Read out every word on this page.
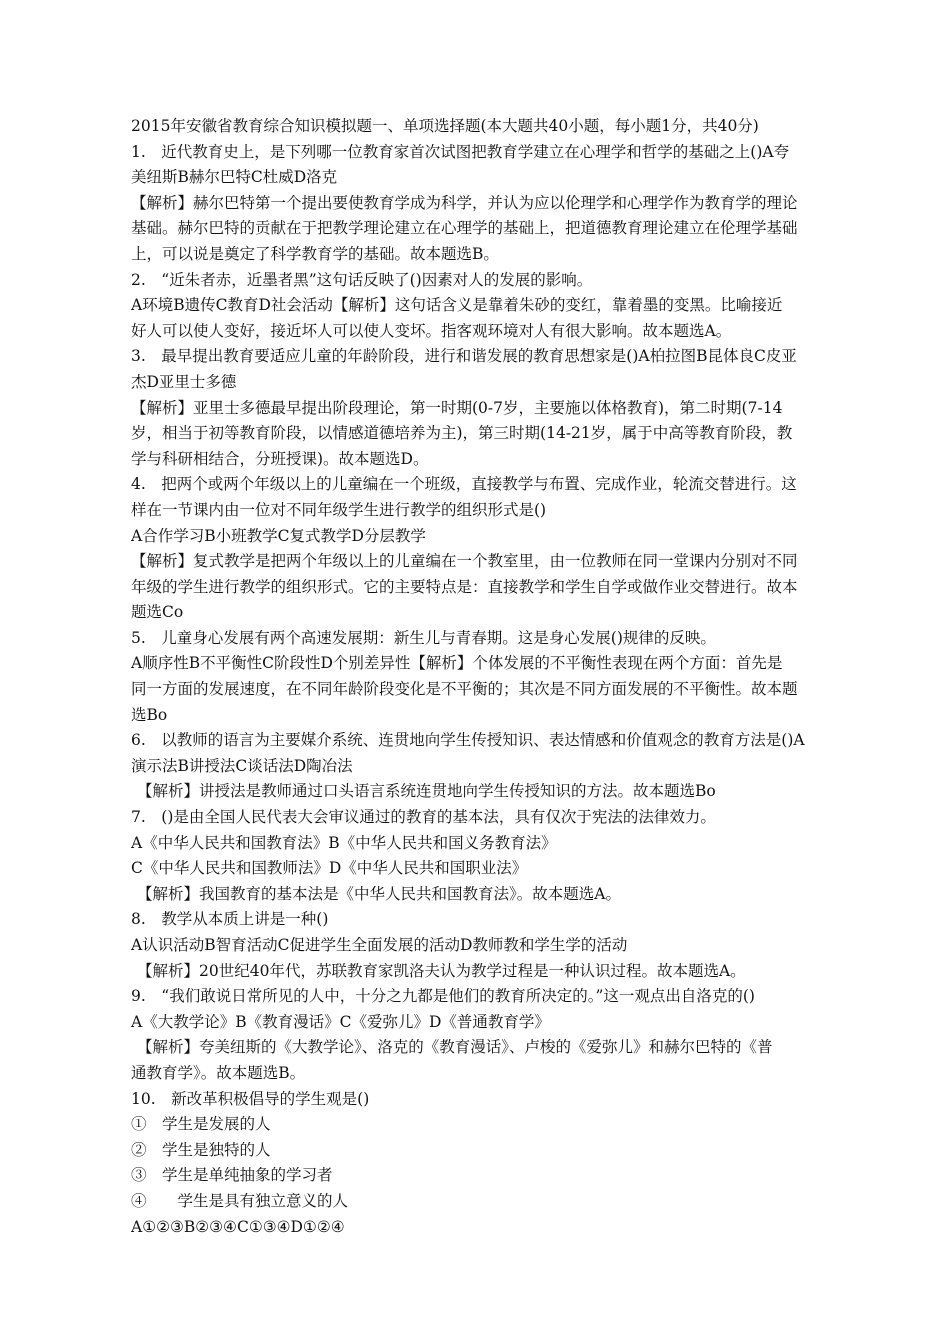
2015年安徽省教育综合知识模拟题一、单项选择题(本大题共40小题，每小题1分，共40分)
1.　近代教育史上，是下列哪一位教育家首次试图把教育学建立在心理学和哲学的基础之上()A夸
美纽斯B赫尔巴特C杜威D洛克
【解析】赫尔巴特第一个提出要使教育学成为科学，并认为应以伦理学和心理学作为教育学的理论
基础。赫尔巴特的贡献在于把教学理论建立在心理学的基础上，把道德教育理论建立在伦理学基础
上，可以说是奠定了科学教育学的基础。故本题选B。
2.　“近朱者赤，近墨者黑”这句话反映了()因素对人的发展的影响。
A环境B遗传C教育D社会活动【解析】这句话含义是靠着朱砂的变红，靠着墨的变黑。比喻接近
好人可以使人变好，接近坏人可以使人变坏。指客观环境对人有很大影响。故本题选A。
3.　最早提出教育要适应儿童的年龄阶段，进行和谐发展的教育思想家是()A柏拉图B昆体良C皮亚
杰D亚里士多德
【解析】亚里士多德最早提出阶段理论，第一时期(0-7岁，主要施以体格教育)，第二时期(7-14
岁，相当于初等教育阶段，以情感道德培养为主)，第三时期(14-21岁，属于中高等教育阶段，教
学与科研相结合，分班授课)。故本题选D。
4.　把两个或两个年级以上的儿童编在一个班级，直接教学与布置、完成作业，轮流交替进行。这
样在一节课内由一位对不同年级学生进行教学的组织形式是()
A合作学习B小班教学C复式教学D分层教学
【解析】复式教学是把两个年级以上的儿童编在一个教室里，由一位教师在同一堂课内分别对不同
年级的学生进行教学的组织形式。它的主要特点是：直接教学和学生自学或做作业交替进行。故本
题选Co
5.　儿童身心发展有两个高速发展期：新生儿与青春期。这是身心发展()规律的反映。
A顺序性B不平衡性C阶段性D个别差异性【解析】个体发展的不平衡性表现在两个方面：首先是
同一方面的发展速度，在不同年龄阶段变化是不平衡的；其次是不同方面发展的不平衡性。故本题
选Bo
6.　以教师的语言为主要媒介系统、连贯地向学生传授知识、表达情感和价值观念的教育方法是()A
演示法B讲授法C谈话法D陶冶法
【解析】讲授法是教师通过口头语言系统连贯地向学生传授知识的方法。故本题选Bo
7.　()是由全国人民代表大会审议通过的教育的基本法，具有仅次于宪法的法律效力。
A《中华人民共和国教育法》B《中华人民共和国义务教育法》
C《中华人民共和国教师法》D《中华人民共和国职业法》
【解析】我国教育的基本法是《中华人民共和国教育法》。故本题选A。
8.　教学从本质上讲是一种()
A认识活动B智育活动C促进学生全面发展的活动D教师教和学生学的活动
【解析】20世纪40年代，苏联教育家凯洛夫认为教学过程是一种认识过程。故本题选A。
9.　“我们敢说日常所见的人中，十分之九都是他们的教育所决定的。”这一观点出自洛克的()
A《大教学论》B《教育漫话》C《爱弥儿》D《普通教育学》
【解析】夸美纽斯的《大教学论》、洛克的《教育漫话》、卢梭的《爱弥儿》和赫尔巴特的《普
通教育学》。故本题选B。
10.　新改革积极倡导的学生观是()
①　学生是发展的人
②　学生是独特的人
③　学生是单纯抽象的学习者
④　　学生是具有独立意义的人
A①②③B②③④C①③④D①②④
